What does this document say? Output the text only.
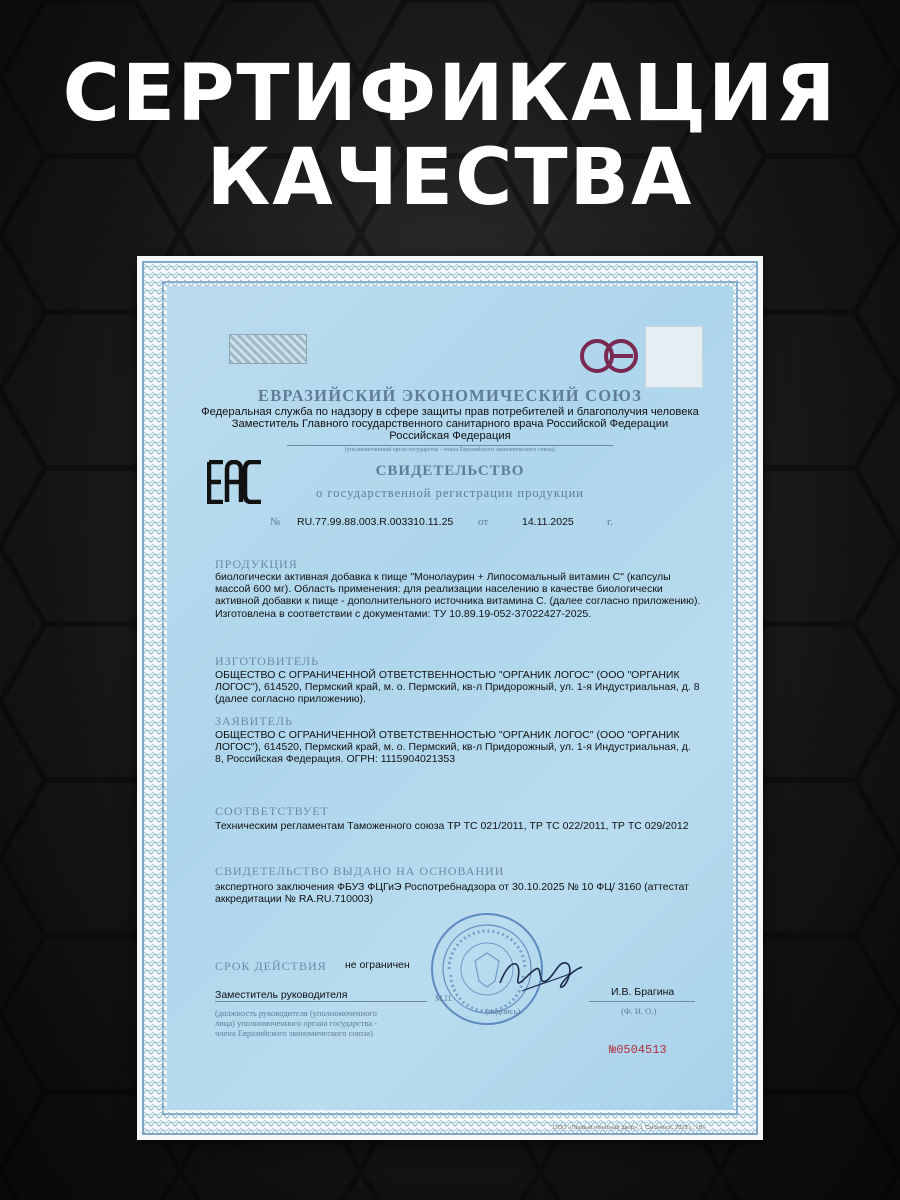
СЕРТИФИКАЦИЯ
КАЧЕСТВА
ЕВРАЗИЙСКИЙ ЭКОНОМИЧЕСКИЙ СОЮЗ
Федеральная служба по надзору в сфере защиты прав потребителей и благополучия человека
Заместитель Главного государственного санитарного врача Российской Федерации
Российская Федерация
(уполномоченный орган государства - члена Евразийского экономического союза)
СВИДЕТЕЛЬСТВО
о государственной регистрации продукции
№ RU.77.99.88.003.R.003310.11.25 от	14.11.2025	г.
ПРОДУКЦИЯ
биологически активная добавка к пище "Монолаурин + Липосомальный витамин С" (капсулы
массой 600 мг). Область применения: для реализации населению в качестве биологически
активной добавки к пище - дополнительного источника витамина С. (далее согласно приложению).
Изготовлена в соответствии с документами: ТУ 10.89.19-052-37022427-2025.
ИЗГОТОВИТЕЛЬ
ОБЩЕСТВО С ОГРАНИЧЕННОЙ ОТВЕТСТВЕННОСТЬЮ "ОРГАНИК ЛОГОС" (ООО "ОРГАНИК
ЛОГОС"), 614520, Пермский край, м. о. Пермский, кв-л Придорожный, ул. 1-я Индустриальная, д. 8
(далее согласно приложению).
ЗАЯВИТЕЛЬ
ОБЩЕСТВО С ОГРАНИЧЕННОЙ ОТВЕТСТВЕННОСТЬЮ "ОРГАНИК ЛОГОС" (ООО "ОРГАНИК
ЛОГОС"), 614520, Пермский край, м. о. Пермский, кв-л Придорожный, ул. 1-я Индустриальная, д.
8, Российская Федерация. ОГРН: 1115904021353
СООТВЕТСТВУЕТ
Техническим регламентам Таможенного союза ТР ТС 021/2011, ТР ТС 022/2011, ТР ТС 029/2012
СВИДЕТЕЛЬСТВО ВЫДАНО НА ОСНОВАНИИ
экспертного заключения ФБУЗ ФЦГиЭ Роспотребнадзора от 30.10.2025 № 10 ФЦ/ 3160 (аттестат
аккредитации № RA.RU.710003)
СРОК ДЕЙСТВИЯ не ограничен
Заместитель руководителя	М.П.
(подпись)
И.В. Брагина
(Ф. И. О.)
(должность руководителя (уполномоченного
лица) уполномоченного органа государства -
члена Евразийского экономического союза)
№0504513
ООО «Первый печатный двор», г. Смоленск, 2025 г., «В»
